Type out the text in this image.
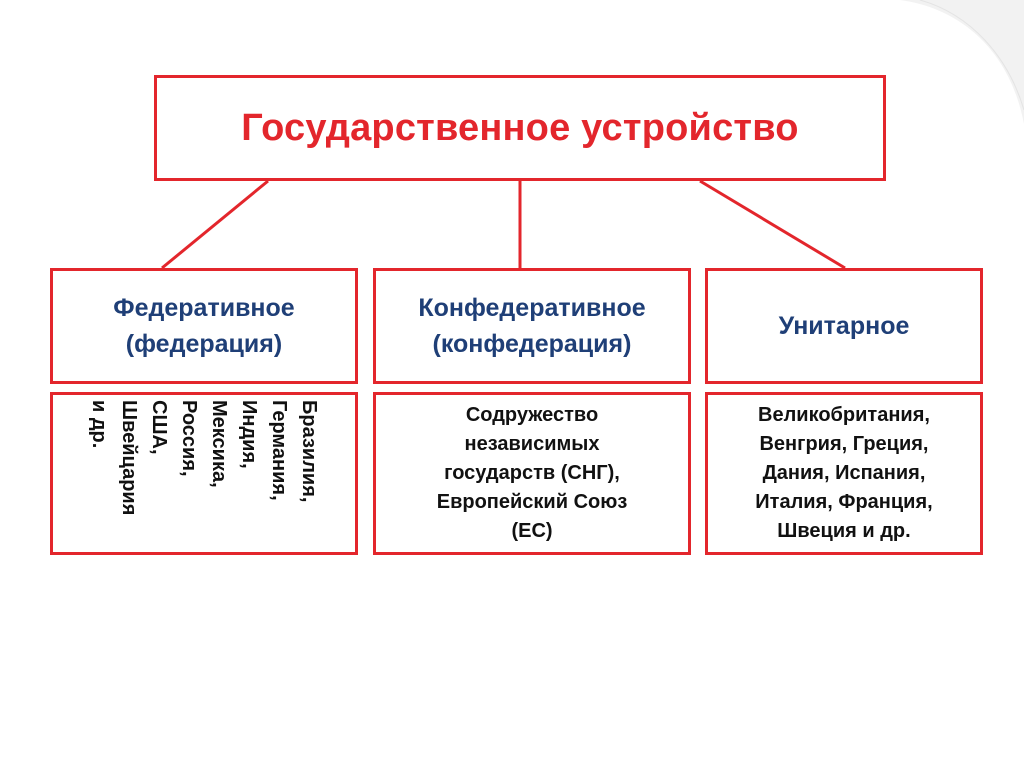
Государственное устройство
Федеративное
(федерация)
Конфедеративное
(конфедерация)
Унитарное
Бразилия,
Германия,
Индия,
Мексика,
Россия,
США,
Швейцария
и др.
Содружество
независимых
государств (СНГ),
Европейский Союз
(ЕС)
Великобритания,
Венгрия, Греция,
Дания, Испания,
Италия, Франция,
Швеция и др.
